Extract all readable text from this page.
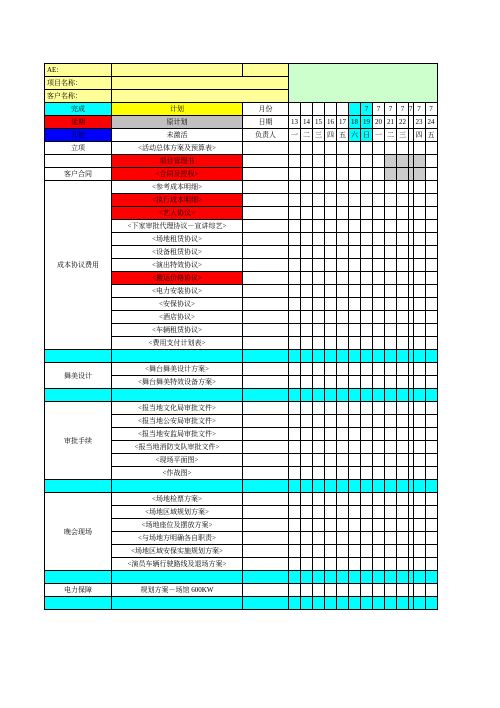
AE:															
项目名称：															
客户名称：															
完成	计划	月份							7	7	7	7	7	7	7
延期	原计划	日期	13	14	15	16	17	18	19	20	21	22		23	24
开始	未激活	负责人	一	二	三	四	五	六	日	一	二	三		四	五
立项	<活动总体方案及预算表>														
	项目管理书														
客户合同	<合同及授权>														
成本协议费用	<参考成本明细>														
	<执行成本明细>														
	<艺人协议>														
	<下家审批代理协议－宣讲综艺>														
	<场地租赁协议>														
	<设备租赁协议>														
	<演出特效协议>														
	<搬运价格协议>														
	<电力安装协议>														
	<安保协议>														
	<酒店协议>														
	<车辆租赁协议>														
	<费用支付计划表>														

舞美设计	<舞台舞美设计方案>														
	<舞台舞美特效设备方案>														

审批手续	<报当地文化局审批文件>														
	<报当地公安局审批文件>														
	<报当地安监局审批文件>														
	<报当地消防支队审批文件>														
	<现场平面图>														
	<作战图>														

晚会现场	<场地检票方案>														
	<场地区域规划方案>														
	<场地座位及摆放方案>														
	<与场地方明确各自职责>														
	<场地区域安保实施规划方案>														
	<演员车辆行驶路线及退场方案>														

电力保障	规划方案－场馆 600KW														
